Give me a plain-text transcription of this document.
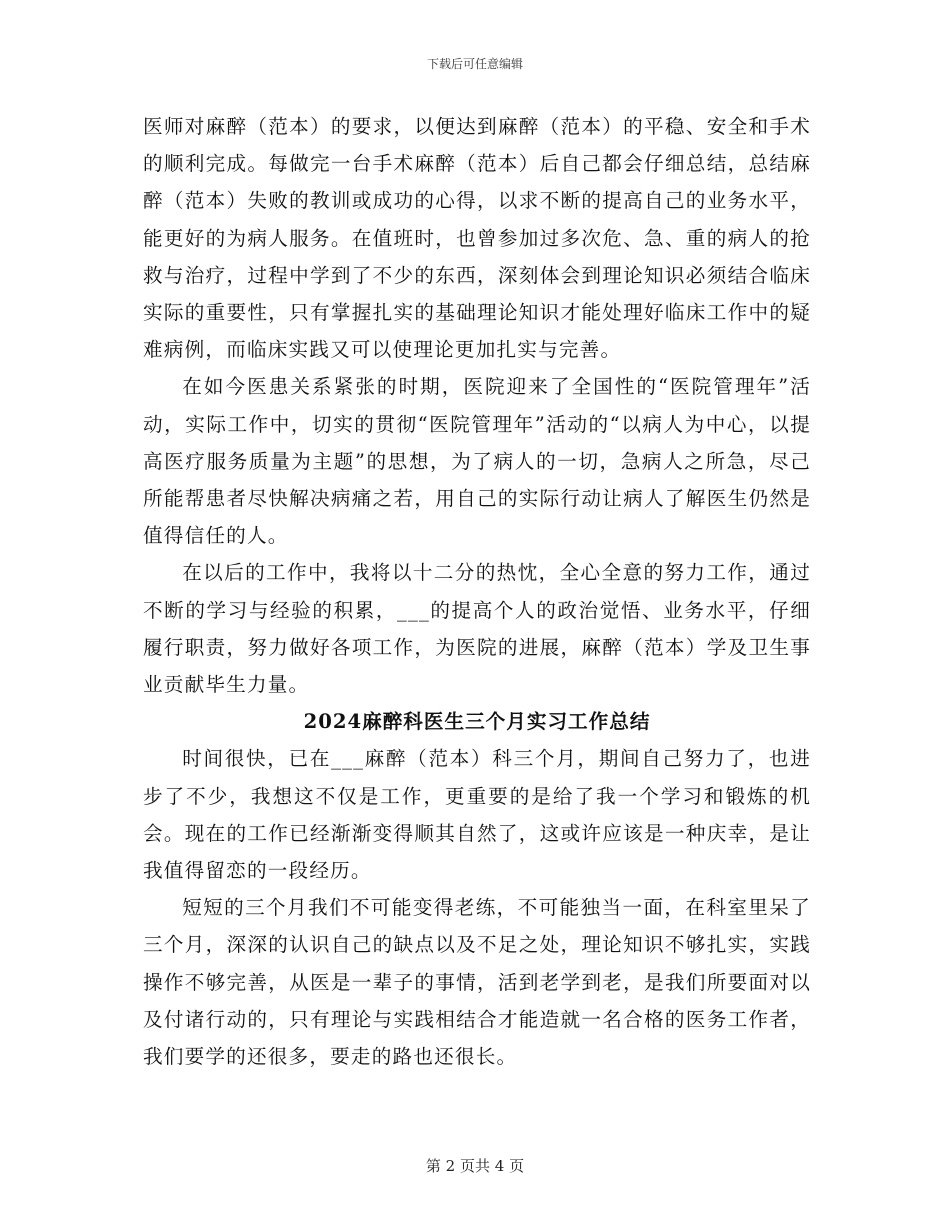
下载后可任意编辑

医师对麻醉（范本）的要求，以便达到麻醉（范本）的平稳、安全和手术的顺利完成。每做完一台手术麻醉（范本）后自己都会仔细总结，总结麻醉（范本）失败的教训或成功的心得，以求不断的提高自己的业务水平，能更好的为病人服务。在值班时，也曾参加过多次危、急、重的病人的抢救与治疗，过程中学到了不少的东西，深刻体会到理论知识必须结合临床实际的重要性，只有掌握扎实的基础理论知识才能处理好临床工作中的疑难病例，而临床实践又可以使理论更加扎实与完善。

在如今医患关系紧张的时期，医院迎来了全国性的“医院管理年”活动，实际工作中，切实的贯彻“医院管理年”活动的“以病人为中心，以提高医疗服务质量为主题”的思想，为了病人的一切，急病人之所急，尽己所能帮患者尽快解决病痛之若，用自己的实际行动让病人了解医生仍然是值得信任的人。

在以后的工作中，我将以十二分的热忱，全心全意的努力工作，通过不断的学习与经验的积累，___的提高个人的政治觉悟、业务水平，仔细履行职责，努力做好各项工作，为医院的进展，麻醉（范本）学及卫生事业贡献毕生力量。

2024麻醉科医生三个月实习工作总结

时间很快，已在___麻醉（范本）科三个月，期间自己努力了，也进步了不少，我想这不仅是工作，更重要的是给了我一个学习和锻炼的机会。现在的工作已经渐渐变得顺其自然了，这或许应该是一种庆幸，是让我值得留恋的一段经历。

短短的三个月我们不可能变得老练，不可能独当一面，在科室里呆了三个月，深深的认识自己的缺点以及不足之处，理论知识不够扎实，实践操作不够完善，从医是一辈子的事情，活到老学到老，是我们所要面对以及付诸行动的，只有理论与实践相结合才能造就一名合格的医务工作者，我们要学的还很多，要走的路也还很长。

第 2 页共 4 页
